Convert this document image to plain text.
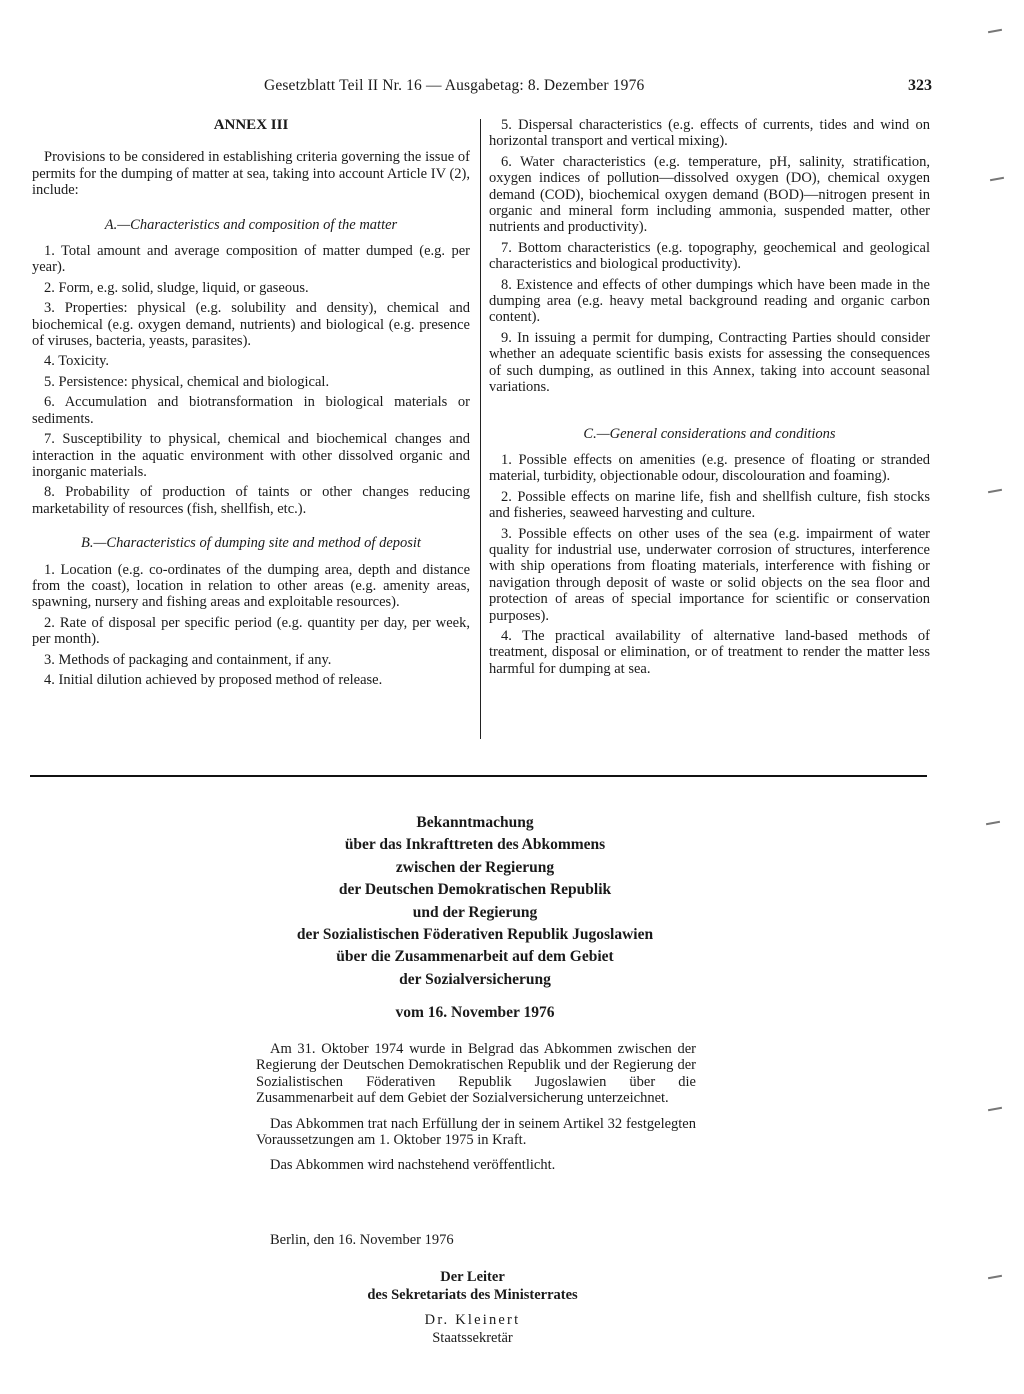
Gesetzblatt Teil II Nr. 16 — Ausgabetag: 8. Dezember 1976	323

ANNEX III

Provisions to be considered in establishing criteria governing the issue of permits for the dumping of matter at sea, taking into account Article IV (2), include:

A.—Characteristics and composition of the matter

1. Total amount and average composition of matter dumped (e.g. per year).

2. Form, e.g. solid, sludge, liquid, or gaseous.

3. Properties: physical (e.g. solubility and density), chemical and biochemical (e.g. oxygen demand, nutrients) and biological (e.g. presence of viruses, bacteria, yeasts, parasites).

4. Toxicity.

5. Persistence: physical, chemical and biological.

6. Accumulation and biotransformation in biological materials or sediments.

7. Susceptibility to physical, chemical and biochemical changes and interaction in the aquatic environment with other dissolved organic and inorganic materials.

8. Probability of production of taints or other changes reducing marketability of resources (fish, shellfish, etc.).

B.—Characteristics of dumping site and method of deposit

1. Location (e.g. co-ordinates of the dumping area, depth and distance from the coast), location in relation to other areas (e.g. amenity areas, spawning, nursery and fishing areas and exploitable resources).

2. Rate of disposal per specific period (e.g. quantity per day, per week, per month).

3. Methods of packaging and containment, if any.

4. Initial dilution achieved by proposed method of release.

5. Dispersal characteristics (e.g. effects of currents, tides and wind on horizontal transport and vertical mixing).

6. Water characteristics (e.g. temperature, pH, salinity, stratification, oxygen indices of pollution—dissolved oxygen (DO), chemical oxygen demand (COD), biochemical oxygen demand (BOD)—nitrogen present in organic and mineral form including ammonia, suspended matter, other nutrients and productivity).

7. Bottom characteristics (e.g. topography, geochemical and geological characteristics and biological productivity).

8. Existence and effects of other dumpings which have been made in the dumping area (e.g. heavy metal background reading and organic carbon content).

9. In issuing a permit for dumping, Contracting Parties should consider whether an adequate scientific basis exists for assessing the consequences of such dumping, as outlined in this Annex, taking into account seasonal variations.

C.—General considerations and conditions

1. Possible effects on amenities (e.g. presence of floating or stranded material, turbidity, objectionable odour, discolouration and foaming).

2. Possible effects on marine life, fish and shellfish culture, fish stocks and fisheries, seaweed harvesting and culture.

3. Possible effects on other uses of the sea (e.g. impairment of water quality for industrial use, underwater corrosion of structures, interference with ship operations from floating materials, interference with fishing or navigation through deposit of waste or solid objects on the sea floor and protection of areas of special importance for scientific or conservation purposes).

4. The practical availability of alternative land-based methods of treatment, disposal or elimination, or of treatment to render the matter less harmful for dumping at sea.

Bekanntmachung
über das Inkrafttreten des Abkommens
zwischen der Regierung
der Deutschen Demokratischen Republik
und der Regierung
der Sozialistischen Föderativen Republik Jugoslawien
über die Zusammenarbeit auf dem Gebiet
der Sozialversicherung
vom 16. November 1976

Am 31. Oktober 1974 wurde in Belgrad das Abkommen zwischen der Regierung der Deutschen Demokratischen Republik und der Regierung der Sozialistischen Föderativen Republik Jugoslawien über die Zusammenarbeit auf dem Gebiet der Sozialversicherung unterzeichnet.

Das Abkommen trat nach Erfüllung der in seinem Artikel 32 festgelegten Voraussetzungen am 1. Oktober 1975 in Kraft.

Das Abkommen wird nachstehend veröffentlicht.

Berlin, den 16. November 1976
Der Leiter
des Sekretariats des Ministerrates
Dr. Kleinert
Staatssekretär
